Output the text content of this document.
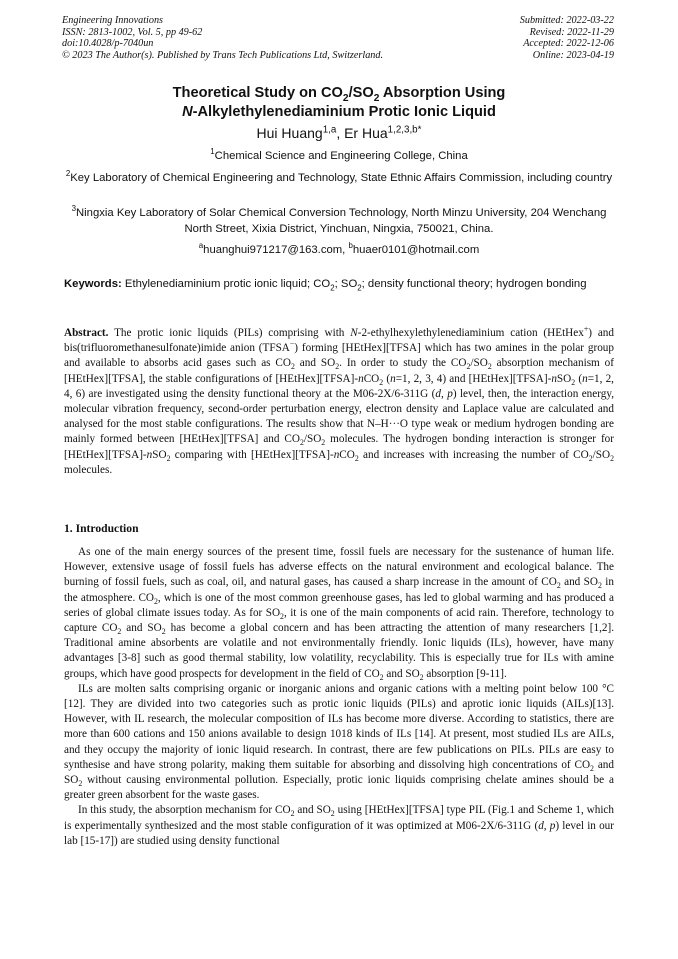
Engineering Innovations
ISSN: 2813-1002, Vol. 5, pp 49-62
doi:10.4028/p-7040un
© 2023 The Author(s). Published by Trans Tech Publications Ltd, Switzerland.
Submitted: 2022-03-22
Revised: 2022-11-29
Accepted: 2022-12-06
Online: 2023-04-19
Theoretical Study on $CO_2/SO_2$ Absorption Using
N-Alkylethylenediaminium Protic Ionic Liquid
Hui Huang$^{1,a}$, Er Hua$^{1,2,3,b*}$
$^1$Chemical Science and Engineering College, China
$^2$Key Laboratory of Chemical Engineering and Technology, State Ethnic Affairs Commission, including country
$^3$Ningxia Key Laboratory of Solar Chemical Conversion Technology, North Minzu University, 204 Wenchang North Street, Xixia District, Yinchuan, Ningxia, 750021, China.
$^a$huanghui971217@163.com, $^b$huaer0101@hotmail.com
Keywords: Ethylenediaminium protic ionic liquid; $CO_2$; $SO_2$; density functional theory; hydrogen bonding
Abstract. The protic ionic liquids (PILs) comprising with N-2-ethylhexylethylenediaminium cation (HEtHex+) and bis(trifluoromethanesulfonate)imide anion (TFSA−) forming [HEtHex][TFSA] which has two amines in the polar group and available to absorbs acid gases such as $CO_2$ and $SO_2$. In order to study the $CO_2/SO_2$ absorption mechanism of [HEtHex][TFSA], the stable configurations of [HEtHex][TFSA]-nCO$_2$ (n=1, 2, 3, 4) and [HEtHex][TFSA]-nSO$_2$ (n=1, 2, 4, 6) are investigated using the density functional theory at the M06-2X/6-311G (d, p) level, then, the interaction energy, molecular vibration frequency, second-order perturbation energy, electron density and Laplace value are calculated and analysed for the most stable configurations. The results show that N–H···O type weak or medium hydrogen bonding are mainly formed between [HEtHex][TFSA] and $CO_2/SO_2$ molecules. The hydrogen bonding interaction is stronger for [HEtHex][TFSA]-nSO$_2$ comparing with [HEtHex][TFSA]-nCO$_2$ and increases with increasing the number of $CO_2/SO_2$ molecules.
1. Introduction

As one of the main energy sources of the present time, fossil fuels are necessary for the sustenance of human life. However, extensive usage of fossil fuels has adverse effects on the natural environment and ecological balance. The burning of fossil fuels, such as coal, oil, and natural gases, has caused a sharp increase in the amount of $CO_2$ and $SO_2$ in the atmosphere. $CO_2$, which is one of the most common greenhouse gases, has led to global warming and has produced a series of global climate issues today. As for $SO_2$, it is one of the main components of acid rain. Therefore, technology to capture $CO_2$ and $SO_2$ has become a global concern and has been attracting the attention of many researchers [1,2]. Traditional amine absorbents are volatile and not environmentally friendly. Ionic liquids (ILs), however, have many advantages [3-8] such as good thermal stability, low volatility, recyclability. This is especially true for ILs with amine groups, which have good prospects for development in the field of $CO_2$ and $SO_2$ absorption [9-11].

ILs are molten salts comprising organic or inorganic anions and organic cations with a melting point below 100 °C [12]. They are divided into two categories such as protic ionic liquids (PILs) and aprotic ionic liquids (AILs)[13]. However, with IL research, the molecular composition of ILs has become more diverse. According to statistics, there are more than 600 cations and 150 anions available to design 1018 kinds of ILs [14]. At present, most studied ILs are AILs, and they occupy the majority of ionic liquid research. In contrast, there are few publications on PILs. PILs are easy to synthesise and have strong polarity, making them suitable for absorbing and dissolving high concentrations of $CO_2$ and $SO_2$ without causing environmental pollution. Especially, protic ionic liquids comprising chelate amines should be a greater green absorbent for the waste gases.

In this study, the absorption mechanism for $CO_2$ and $SO_2$ using [HEtHex][TFSA] type PIL (Fig.1 and Scheme 1, which is experimentally synthesized and the most stable configuration of it was optimized at M06-2X/6-311G (d, p) level in our lab [15-17]) are studied using density functional
